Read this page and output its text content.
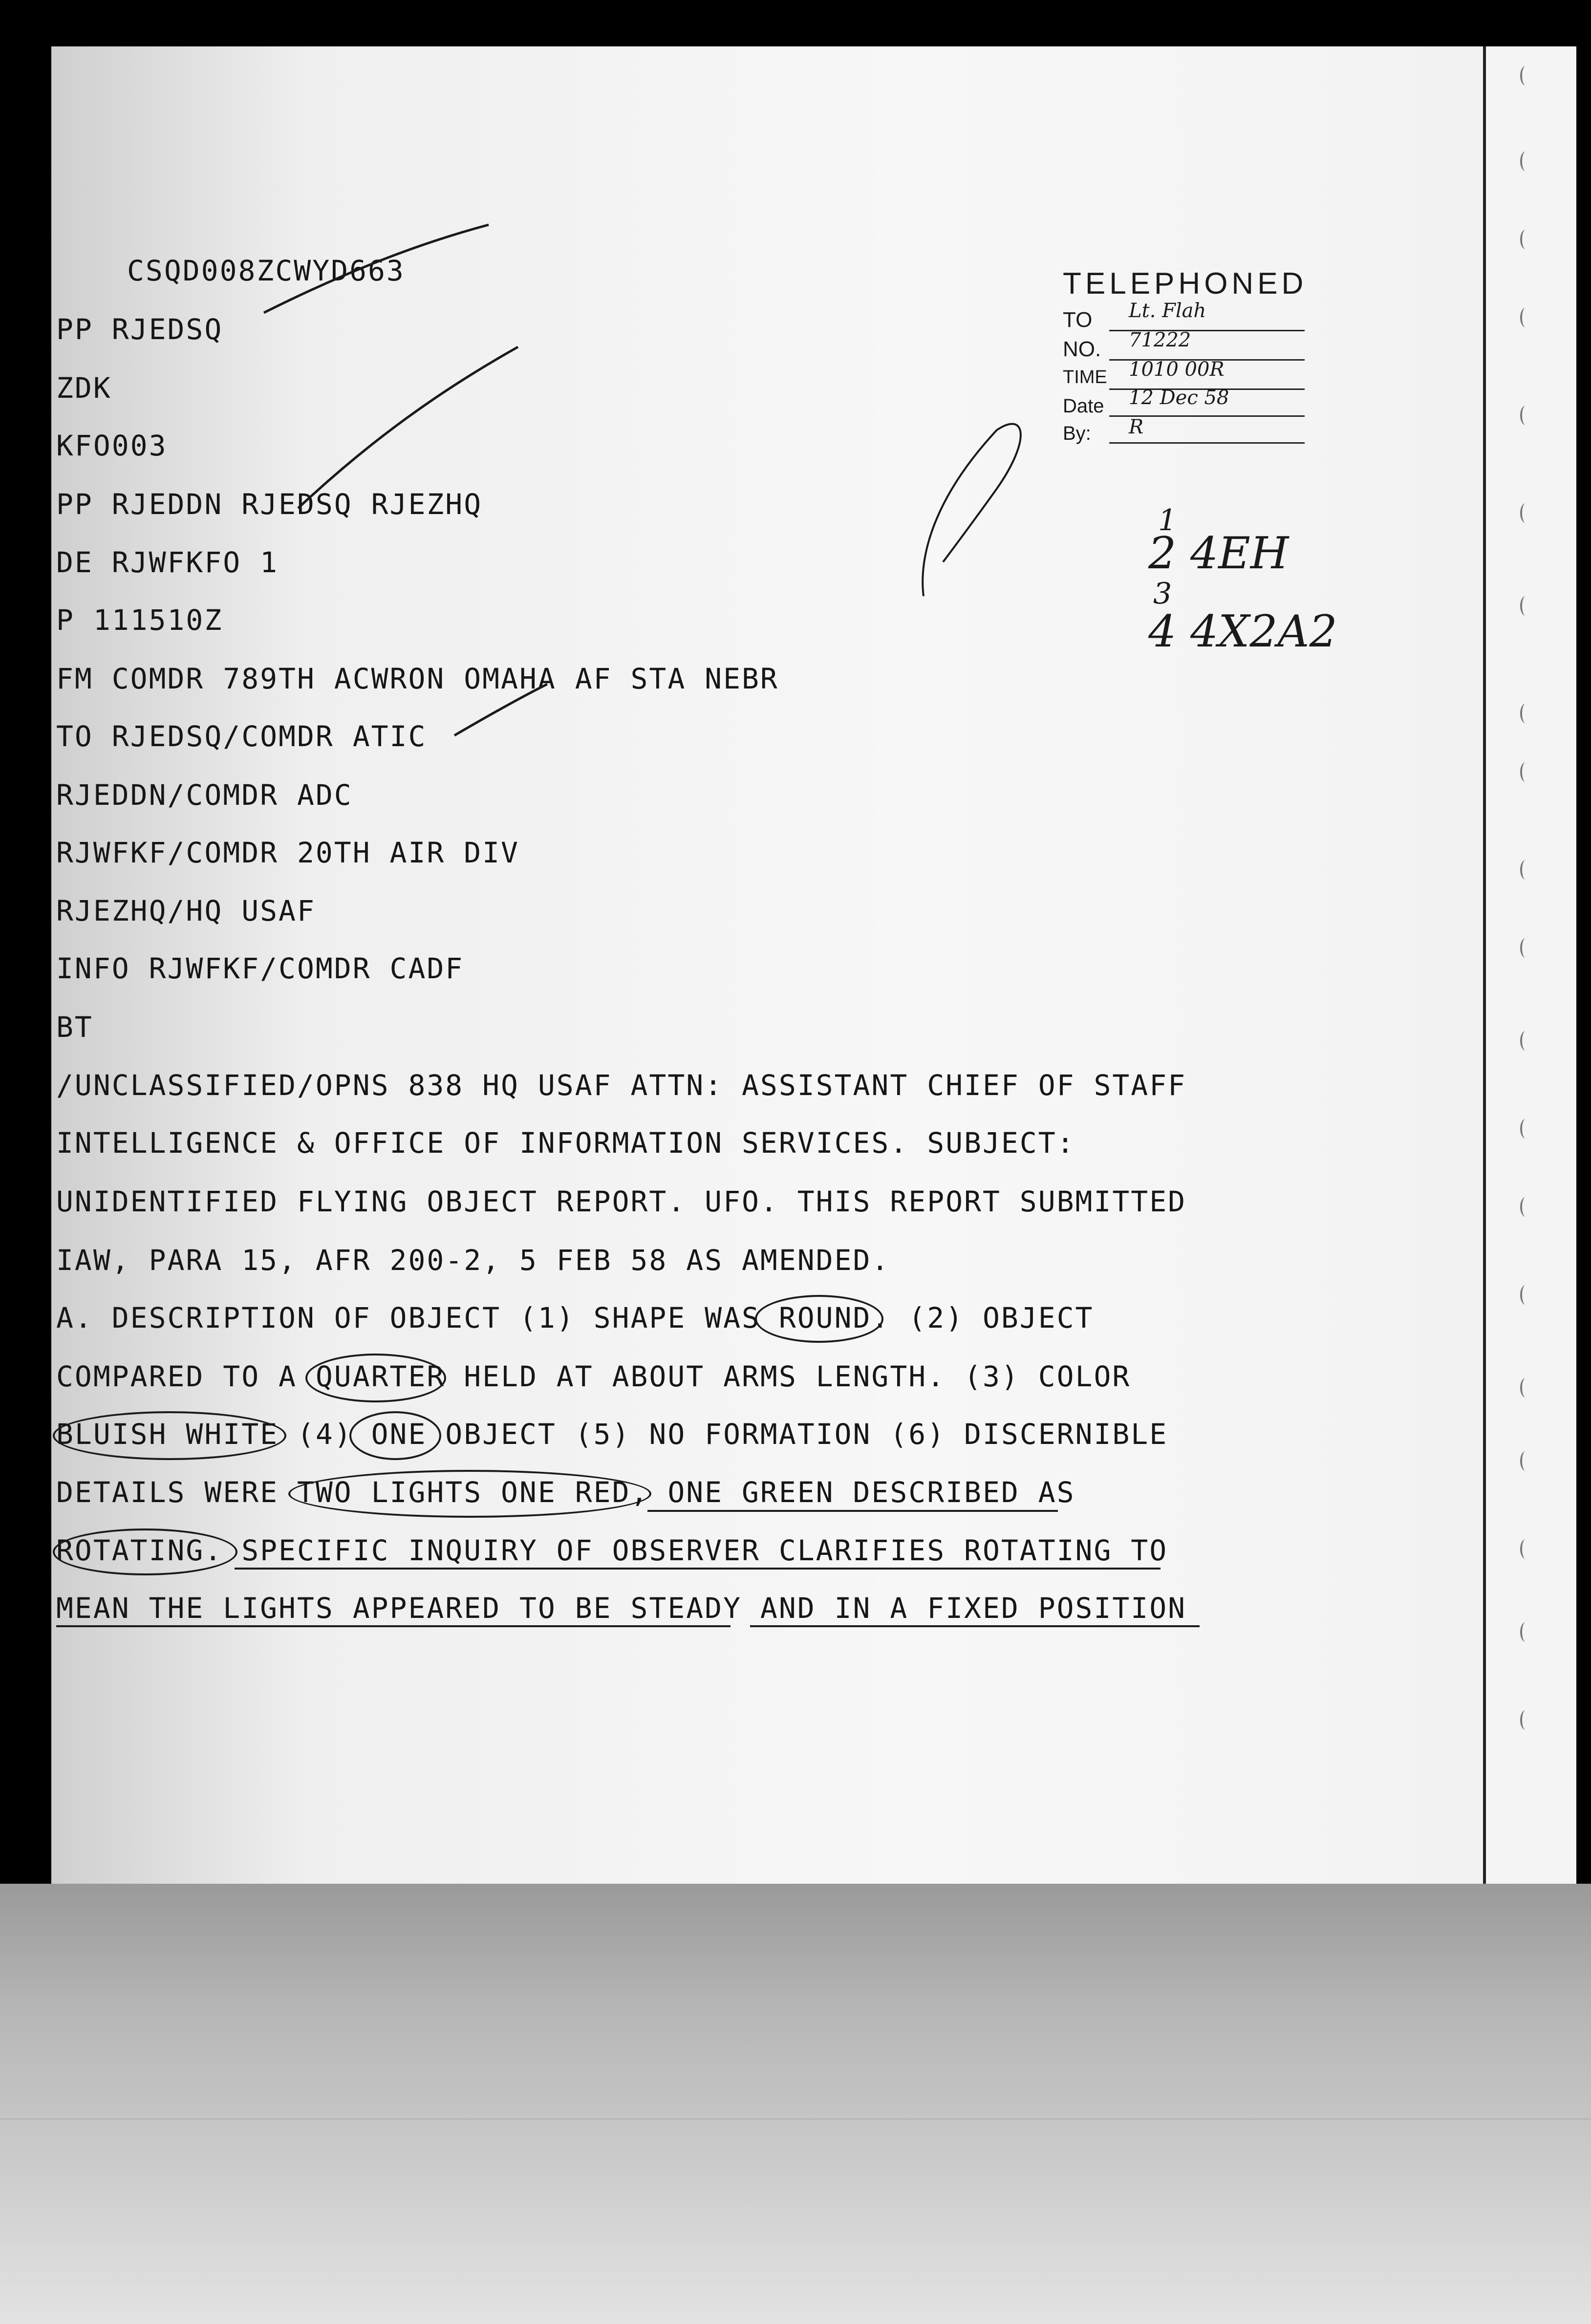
CSQD008ZCWYD663
PP RJEDSQ
ZDK
KFO003
PP RJEDDN RJEDSQ RJEZHQ
DE RJWFKFO 1
P 111510Z
FM COMDR 789TH ACWRON OMAHA AF STA NEBR
TO RJEDSQ/COMDR ATIC
RJEDDN/COMDR ADC
RJWFKF/COMDR 20TH AIR DIV
RJEZHQ/HQ USAF
INFO RJWFKF/COMDR CADF
BT
/UNCLASSIFIED/OPNS 838 HQ USAF ATTN: ASSISTANT CHIEF OF STAFF
INTELLIGENCE & OFFICE OF INFORMATION SERVICES. SUBJECT:
UNIDENTIFIED FLYING OBJECT REPORT. UFO. THIS REPORT SUBMITTED
IAW, PARA 15, AFR 200-2, 5 FEB 58 AS AMENDED.
A. DESCRIPTION OF OBJECT (1) SHAPE WAS ROUND. (2) OBJECT
COMPARED TO A QUARTER HELD AT ABOUT ARMS LENGTH. (3) COLOR
BLUISH WHITE (4) ONE OBJECT (5) NO FORMATION (6) DISCERNIBLE
DETAILS WERE TWO LIGHTS ONE RED, ONE GREEN DESCRIBED AS
ROTATING. SPECIFIC INQUIRY OF OBSERVER CLARIFIES ROTATING TO
MEAN THE LIGHTS APPEARED TO BE STEADY AND IN A FIXED POSITION
TELEPHONED
TO Lt. Flah
NO. 71222
TIME 1010 00R
Date 12 Dec 58
By: R
1
2 4EH
3
4 4X2A2
